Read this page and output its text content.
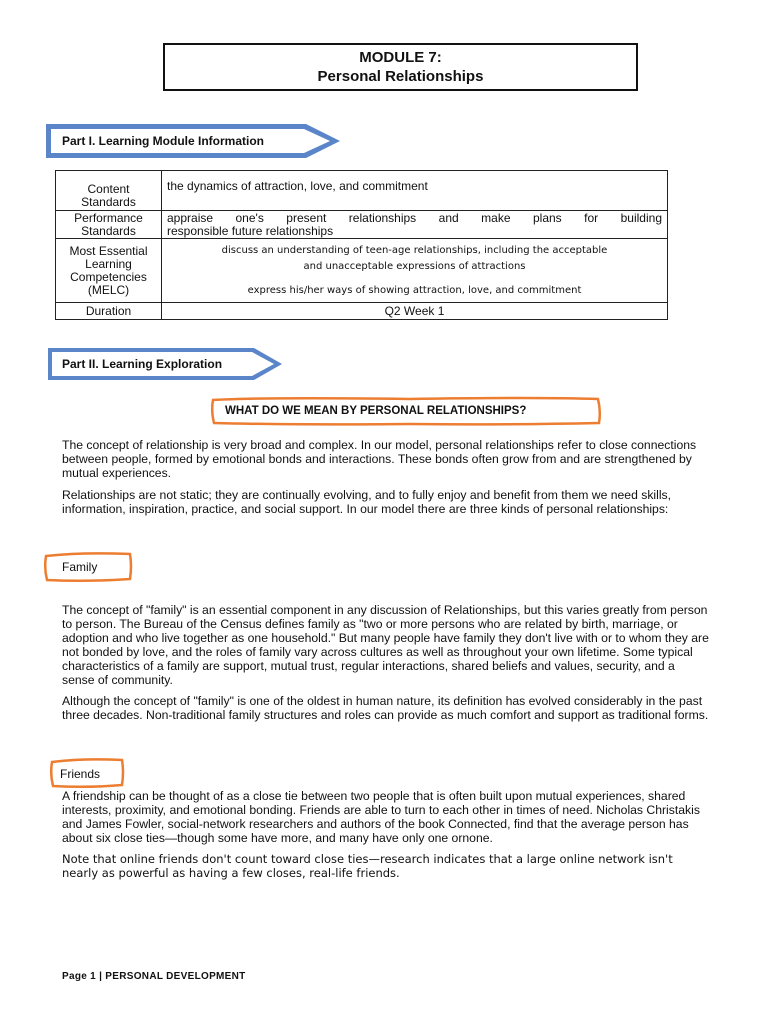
MODULE 7:
Personal Relationships
Part I. Learning Module Information
Content Standards	the dynamics of attraction, love, and commitment
Performance Standards	appraise one's present relationships and make plans for building
responsible future relationships

Most Essential Learning Competencies (MELC)	discuss an understanding of teen-age relationships, including the acceptable
and unacceptable expressions of attractions
express his/her ways of showing attraction, love, and commitment

Duration	Q2 Week 1
Part II. Learning Exploration
WHAT DO WE MEAN BY PERSONAL RELATIONSHIPS?

The concept of relationship is very broad and complex. In our model, personal relationships refer to close connections between people, formed by emotional bonds and interactions. These bonds often grow from and are strengthened by mutual experiences.

Relationships are not static; they are continually evolving, and to fully enjoy and benefit from them we need skills, information, inspiration, practice, and social support. In our model there are three kinds of personal relationships:

Family

The concept of "family" is an essential component in any discussion of Relationships, but this varies greatly from person to person. The Bureau of the Census defines family as "two or more persons who are related by birth, marriage, or adoption and who live together as one household." But many people have family they don't live with or to whom they are not bonded by love, and the roles of family vary across cultures as well as throughout your own lifetime. Some typical characteristics of a family are support, mutual trust, regular interactions, shared beliefs and values, security, and a sense of community.

Although the concept of "family" is one of the oldest in human nature, its definition has evolved considerably in the past three decades. Non-traditional family structures and roles can provide as much comfort and support as traditional forms.

Friends

A friendship can be thought of as a close tie between two people that is often built upon mutual experiences, shared interests, proximity, and emotional bonding. Friends are able to turn to each other in times of need. Nicholas Christakis and James Fowler, social-network researchers and authors of the book Connected, find that the average person has about six close ties—though some have more, and many have only one ornone.

Note that online friends don't count toward close ties—research indicates that a large online network isn't nearly as powerful as having a few closes, real-life friends.

Page 1 | PERSONAL DEVELOPMENT
